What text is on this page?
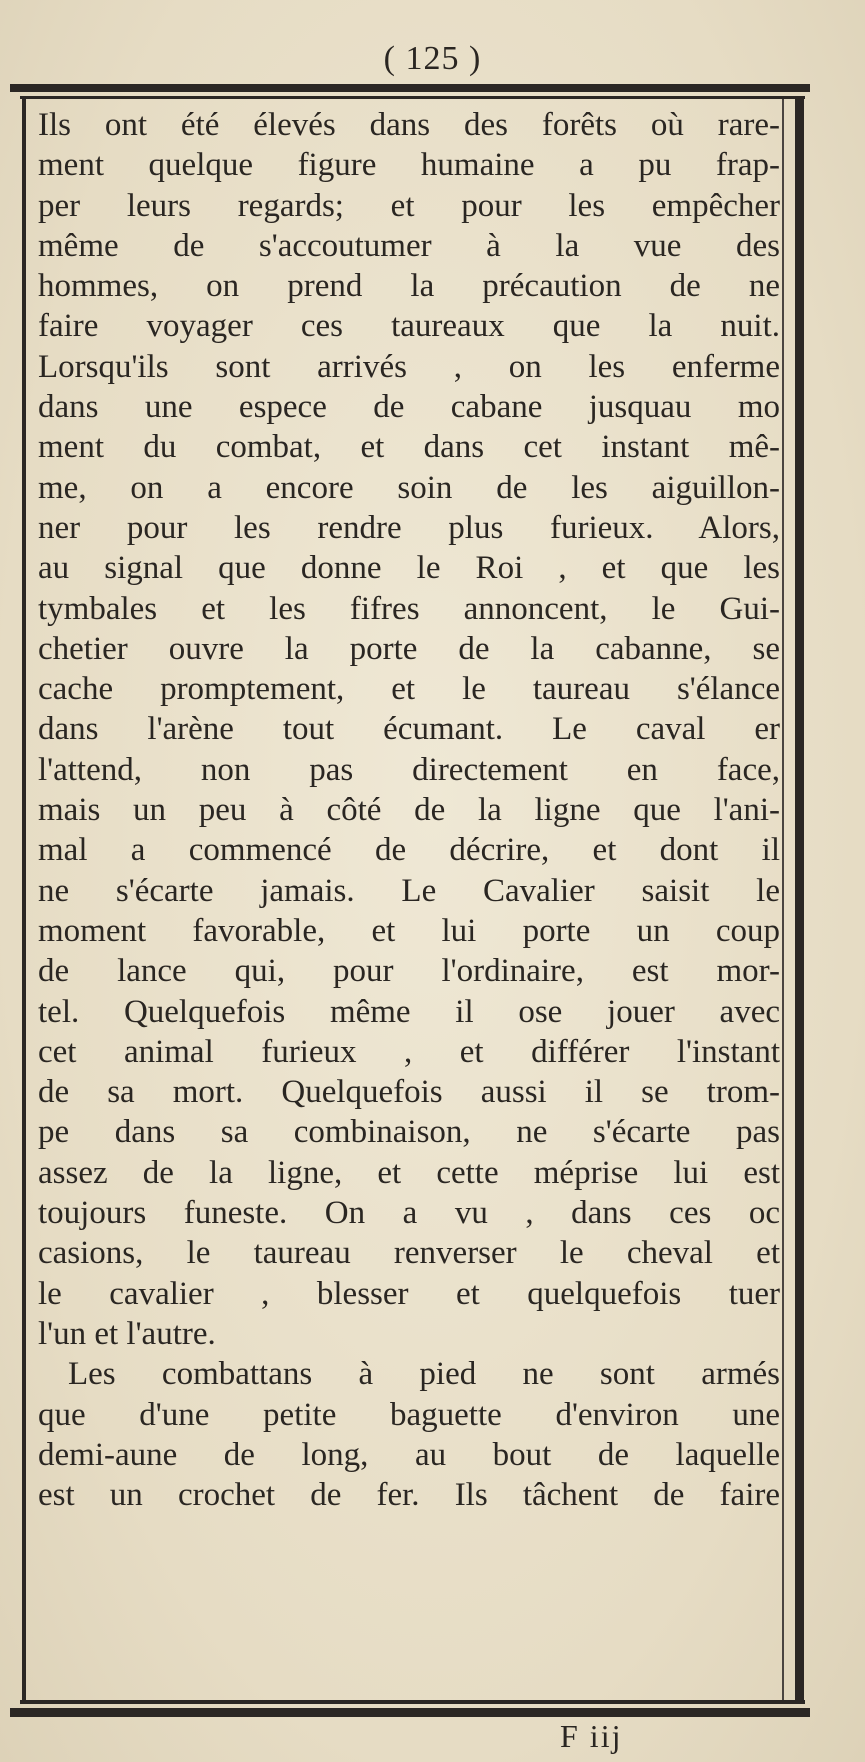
( 125 )
Ils ont été élevés dans des forêts où rare-
ment quelque figure humaine a pu frap-
per leurs regards; et pour les empêcher
même de s'accoutumer à la vue des
hommes, on prend la précaution de ne
faire voyager ces taureaux que la nuit.
Lorsqu'ils sont arrivés , on les enferme
dans une espece de cabane jusquau mo
ment du combat, et dans cet instant mê-
me, on a encore soin de les aiguillon-
ner pour les rendre plus furieux. Alors,
au signal que donne le Roi , et que les
tymbales et les fifres annoncent, le Gui-
chetier ouvre la porte de la cabanne, se
cache promptement, et le taureau s'élance
dans l'arène tout écumant. Le caval er
l'attend, non pas directement en face,
mais un peu à côté de la ligne que l'ani-
mal a commencé de décrire, et dont il
ne s'écarte jamais. Le Cavalier saisit le
moment favorable, et lui porte un coup
de lance qui, pour l'ordinaire, est mor-
tel. Quelquefois même il ose jouer avec
cet animal furieux , et différer l'instant
de sa mort. Quelquefois aussi il se trom-
pe dans sa combinaison, ne s'écarte pas
assez de la ligne, et cette méprise lui est
toujours funeste. On a vu , dans ces oc
casions, le taureau renverser le cheval et
le cavalier , blesser et quelquefois tuer
l'un et l'autre.
Les combattans à pied ne sont armés
que d'une petite baguette d'environ une
demi-aune de long, au bout de laquelle
est un crochet de fer. Ils tâchent de faire
F iij
